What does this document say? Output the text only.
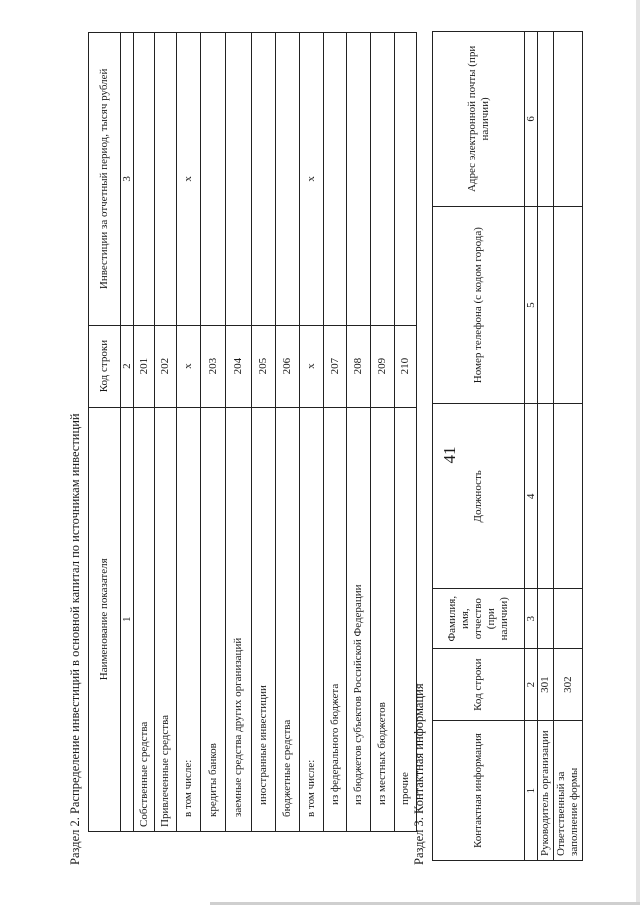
41
Раздел 2. Распределение инвестиций в основной капитал по источникам инвестиций Наименование показателя	Код строки	Инвестиции за отчетный период, тысяч рублей
1	2	3
Собственные средства	201	
Привлеченные средства	202	
в том числе:	x	x
кредиты банков	203	
заемные средства других организаций	204	
иностранные инвестиции	205	
бюджетные средства	206	
в том числе:	x	x
из федерального бюджета	207	
из бюджетов субъектов Российской Федерации	208	
из местных бюджетов	209	
прочие	210	
Раздел 3. Контактная информация	Контактная информация	Код строки	Фамилия, имя, отчество (при наличии)	Должность	Номер телефона (с кодом города)	Адрес электронной почты (при наличии)
1	2	3	4	5	6
Руководитель организации	301				
Ответственный за заполнение формы	302				
